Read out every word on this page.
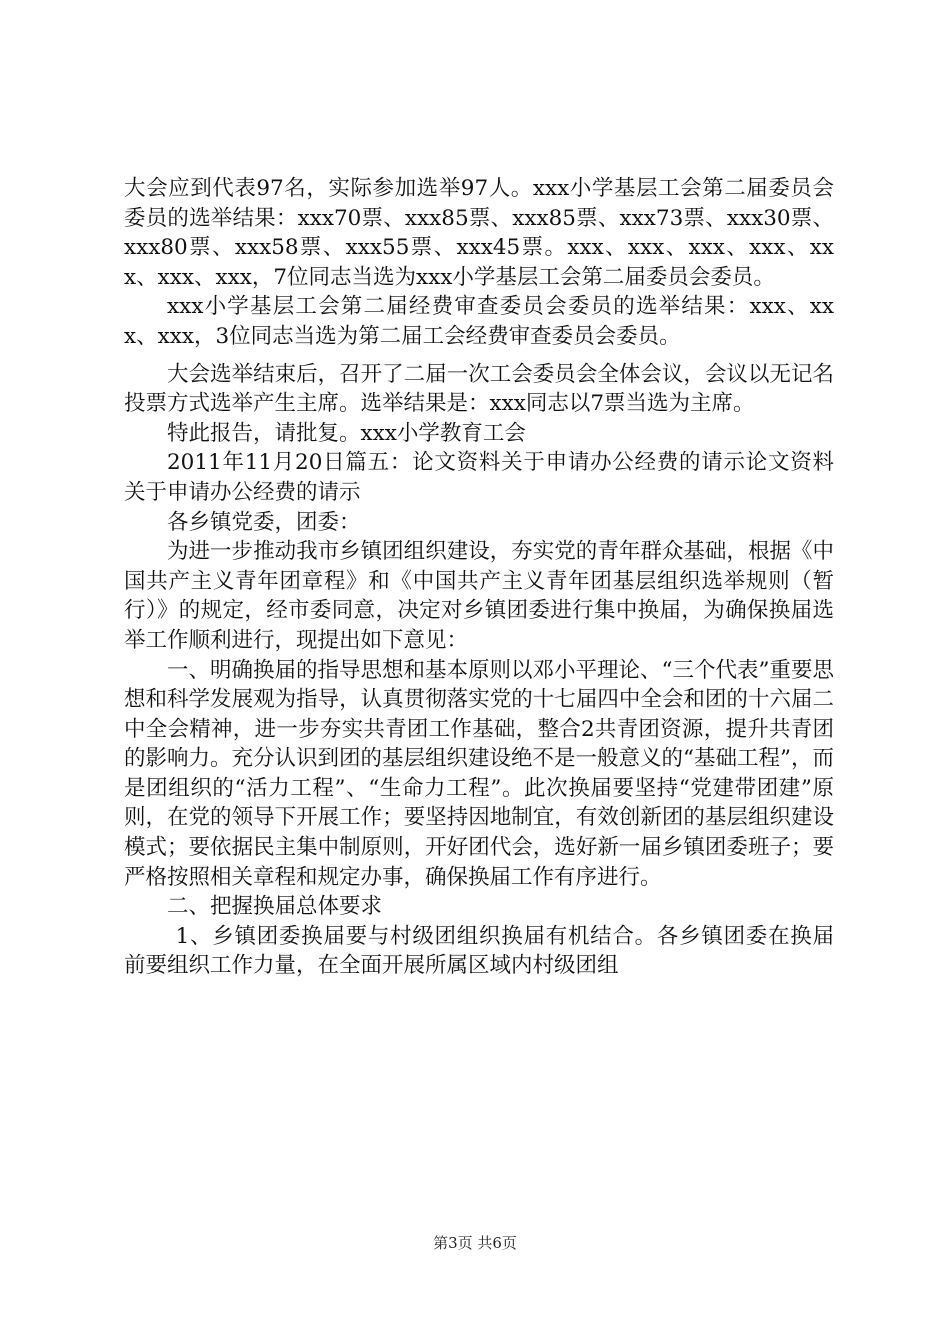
大会应到代表97名，实际参加选举97人。xxx小学基层工会第二届委员会委员的选举结果：xxx70票、xxx85票、xxx85票、xxx73票、xxx30票、xxx80票、xxx58票、xxx55票、xxx45票。xxx、xxx、xxx、xxx、xxx、xxx、xxx，7位同志当选为xxx小学基层工会第二届委员会委员。

xxx小学基层工会第二届经费审查委员会委员的选举结果：xxx、xxx、xxx，3位同志当选为第二届工会经费审查委员会委员。

大会选举结束后，召开了二届一次工会委员会全体会议，会议以无记名投票方式选举产生主席。选举结果是：xxx同志以7票当选为主席。

特此报告，请批复。xxx小学教育工会

2011年11月20日篇五：论文资料关于申请办公经费的请示论文资料关于申请办公经费的请示

各乡镇党委，团委：

为进一步推动我市乡镇团组织建设，夯实党的青年群众基础，根据《中国共产主义青年团章程》和《中国共产主义青年团基层组织选举规则（暂行）》的规定，经市委同意，决定对乡镇团委进行集中换届，为确保换届选举工作顺利进行，现提出如下意见：

一、明确换届的指导思想和基本原则以邓小平理论、“三个代表”重要思想和科学发展观为指导，认真贯彻落实党的十七届四中全会和团的十六届二中全会精神，进一步夯实共青团工作基础，整合2共青团资源，提升共青团的影响力。充分认识到团的基层组织建设绝不是一般意义的“基础工程”，而是团组织的“活力工程”、“生命力工程”。此次换届要坚持“党建带团建”原则，在党的领导下开展工作；要坚持因地制宜，有效创新团的基层组织建设模式；要依据民主集中制原则，开好团代会，选好新一届乡镇团委班子；要严格按照相关章程和规定办事，确保换届工作有序进行。

二、把握换届总体要求

1、乡镇团委换届要与村级团组织换届有机结合。各乡镇团委在换届前要组织工作力量，在全面开展所属区域内村级团组

第3页 共6页
